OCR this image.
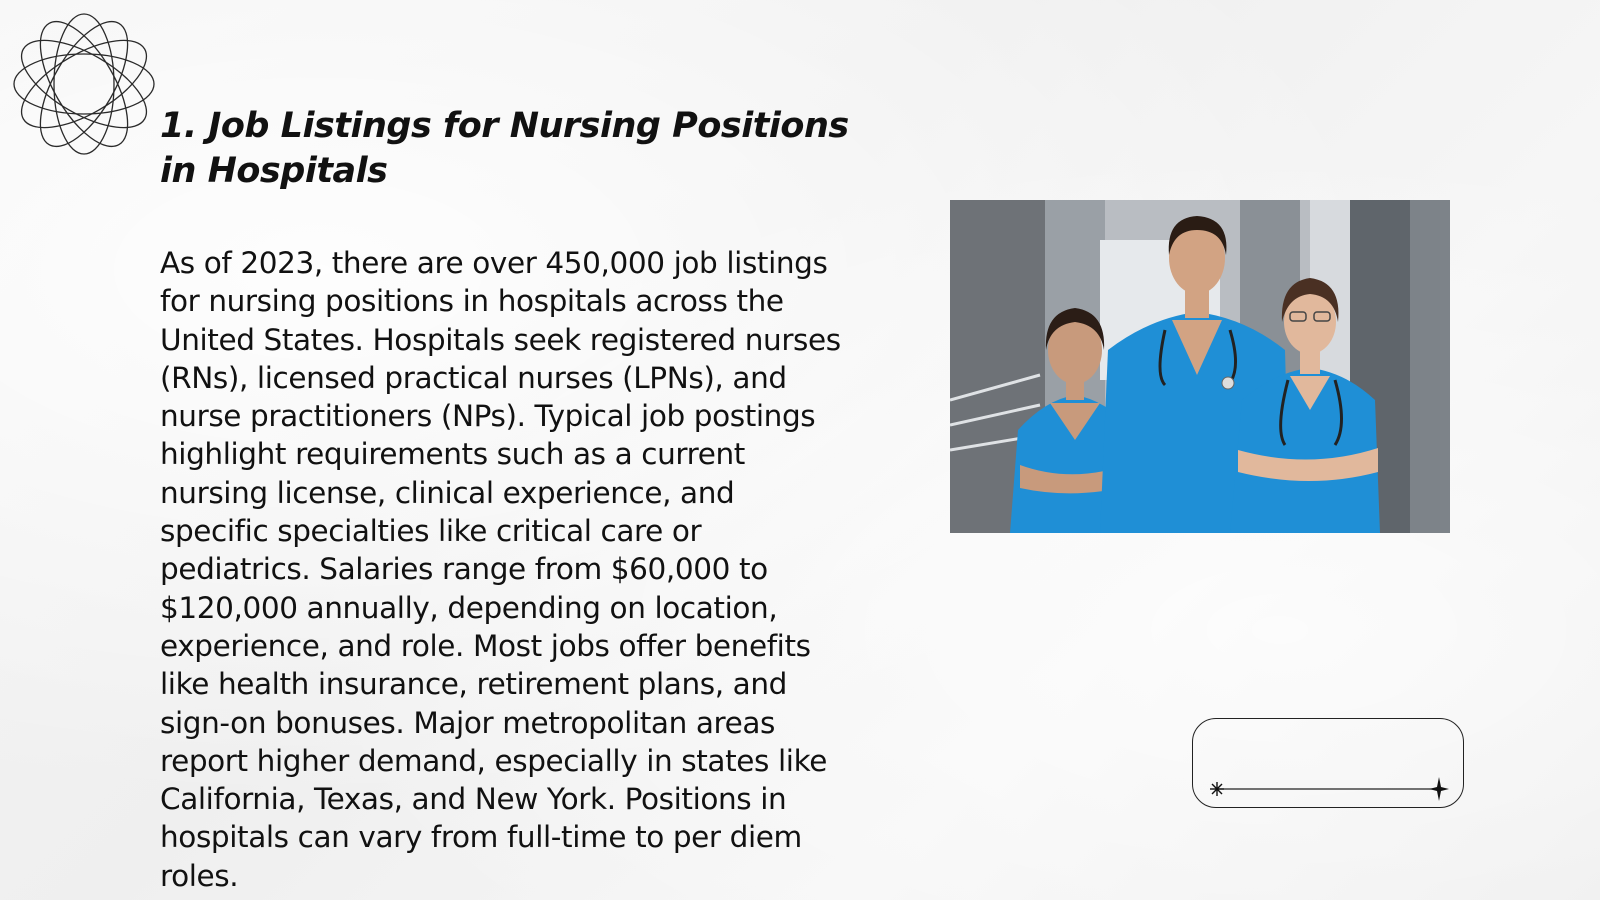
1. Job Listings for Nursing Positions in Hospitals

As of 2023, there are over 450,000 job listings for nursing positions in hospitals across the United States. Hospitals seek registered nurses (RNs), licensed practical nurses (LPNs), and nurse practitioners (NPs). Typical job postings highlight requirements such as a current nursing license, clinical experience, and specific specialties like critical care or pediatrics. Salaries range from $60,000 to $120,000 annually, depending on location, experience, and role. Most jobs offer benefits like health insurance, retirement plans, and sign-on bonuses. Major metropolitan areas report higher demand, especially in states like California, Texas, and New York. Positions in hospitals can vary from full-time to per diem roles.
